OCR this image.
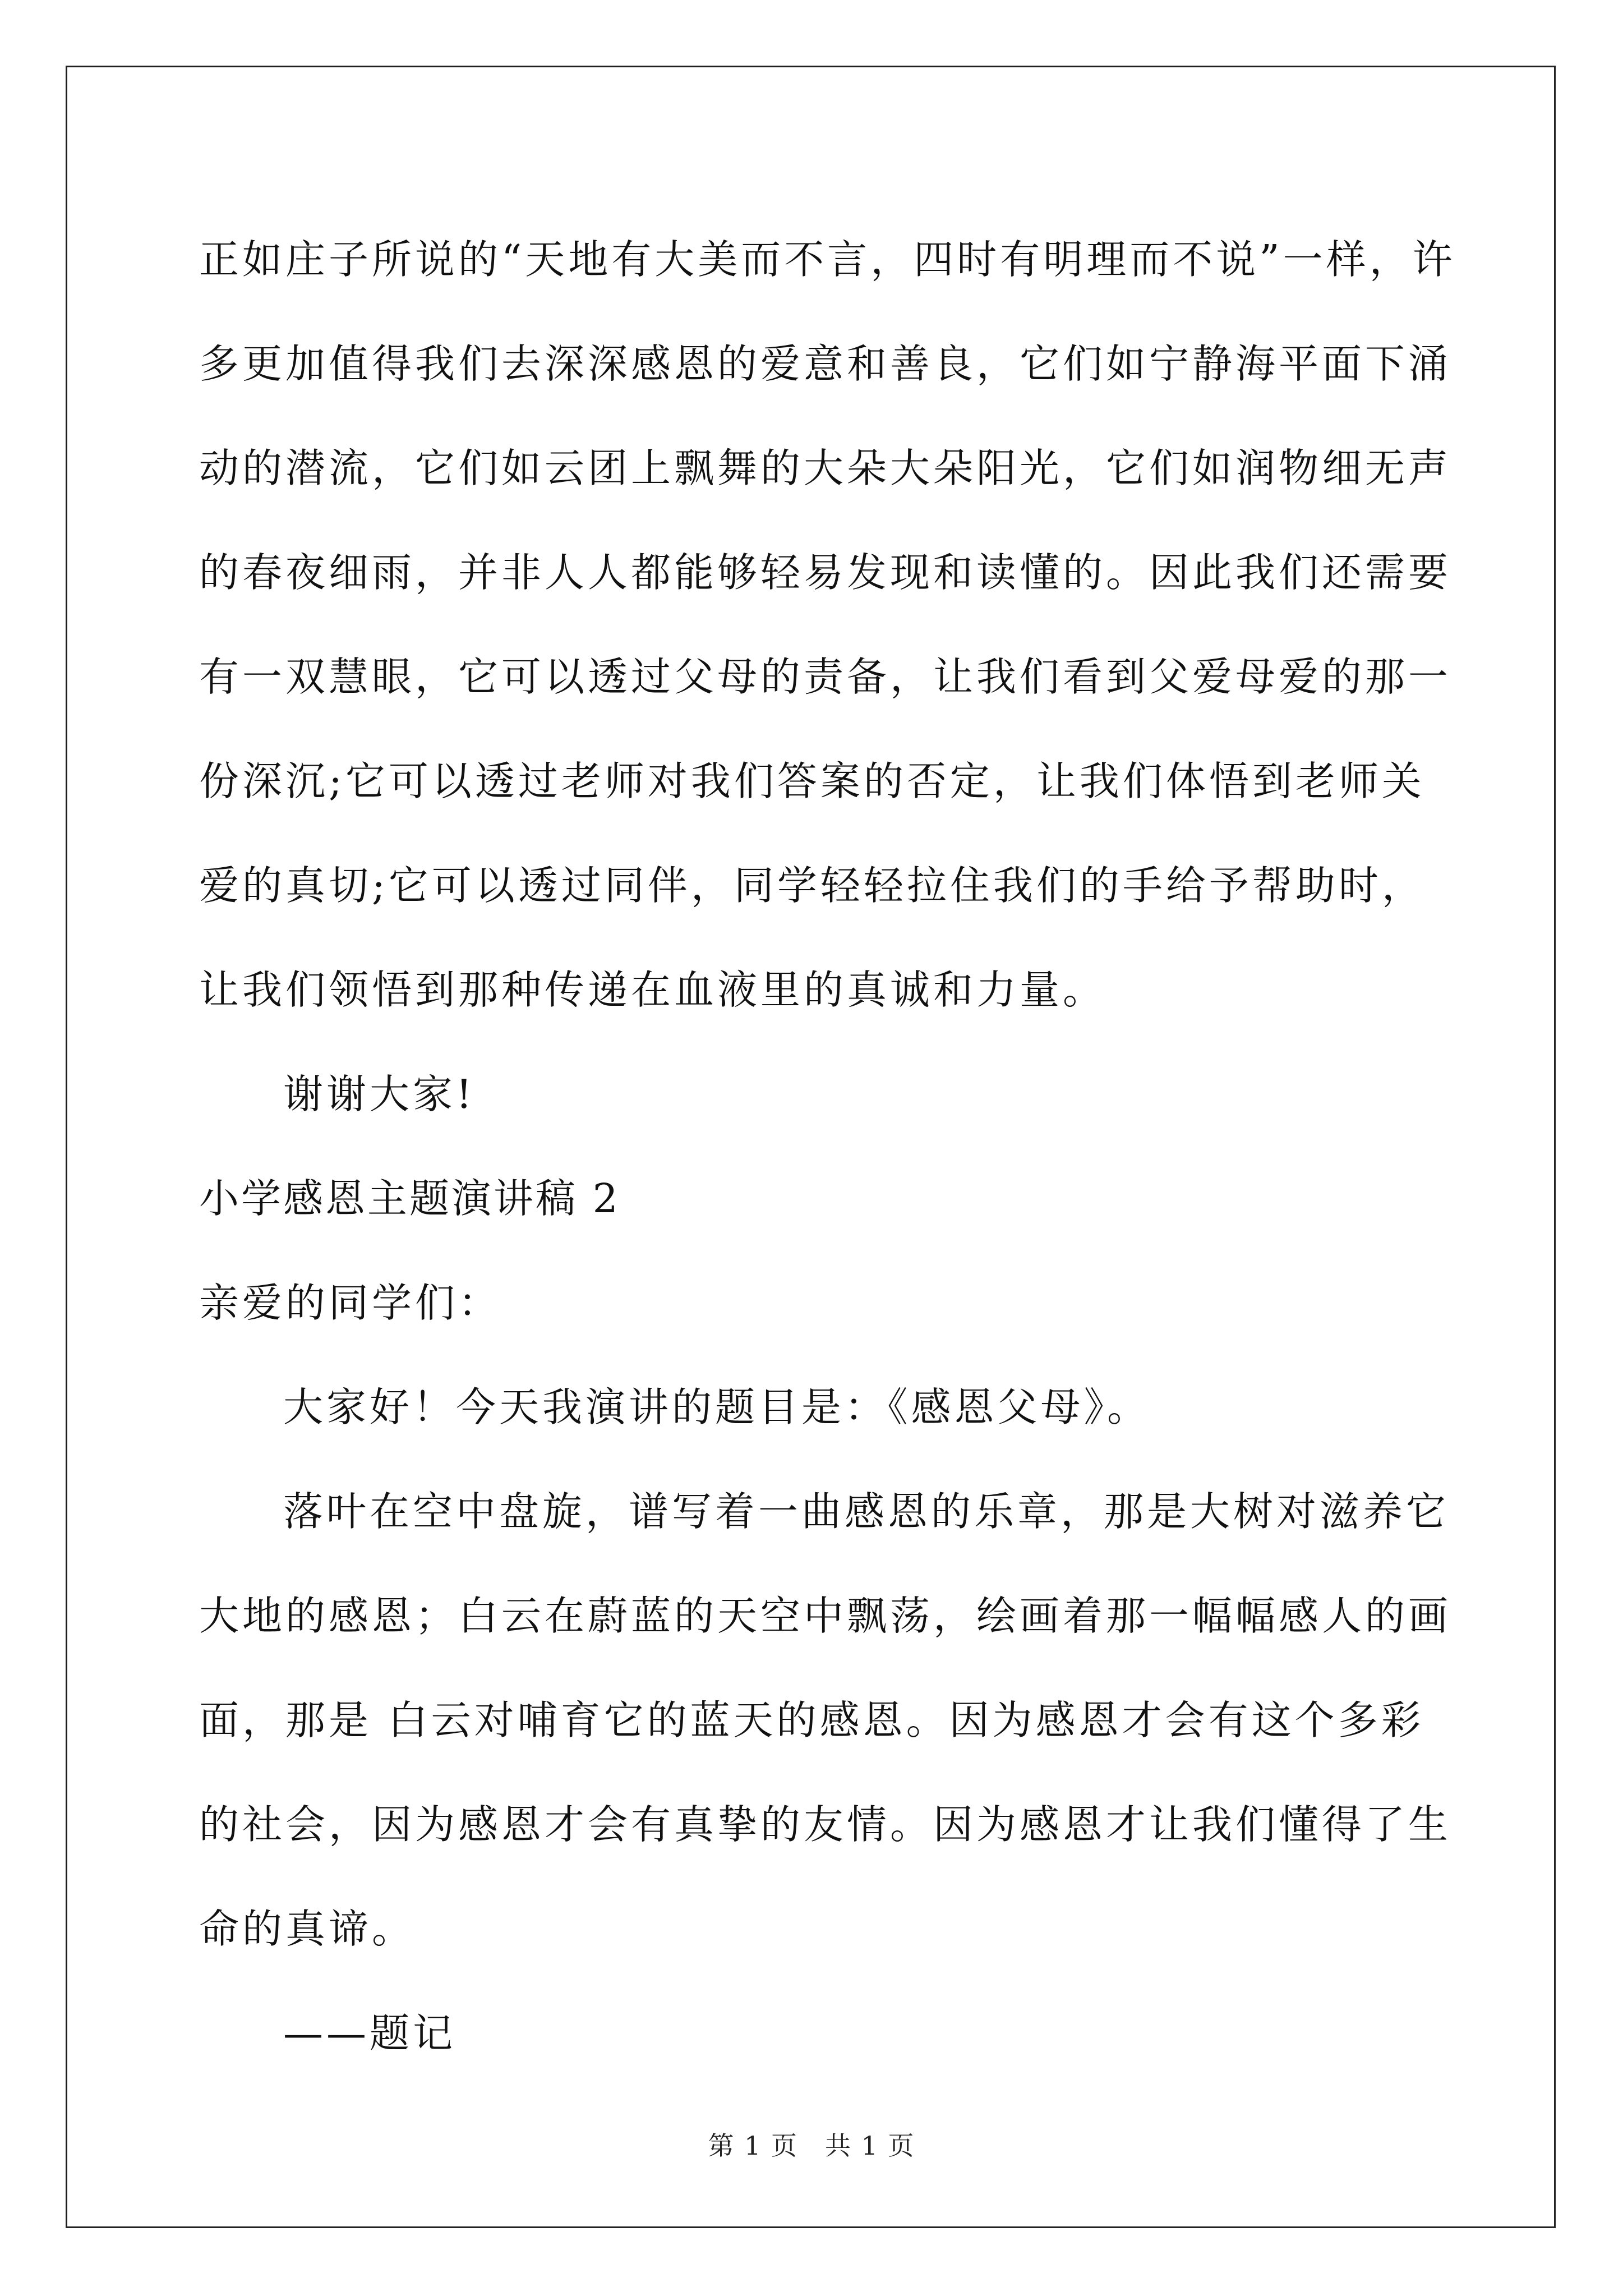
正如庄子所说的“天地有大美而不言，四时有明理而不说”一样，许多更加值得我们去深深感恩的爱意和善良，它们如宁静海平面下涌动的潜流，它们如云团上飘舞的大朵大朵阳光，它们如润物细无声的春夜细雨，并非人人都能够轻易发现和读懂的。因此我们还需要有一双慧眼，它可以透过父母的责备，让我们看到父爱母爱的那一份深沉;它可以透过老师对我们答案的否定，让我们体悟到老师关爱的真切;它可以透过同伴，同学轻轻拉住我们的手给予帮助时，让我们领悟到那种传递在血液里的真诚和力量。

谢谢大家!

小学感恩主题演讲稿 2

亲爱的同学们：

大家好！今天我演讲的题目是：《感恩父母》。

落叶在空中盘旋，谱写着一曲感恩的乐章，那是大树对滋养它大地的感恩；白云在蔚蓝的天空中飘荡，绘画着那一幅幅感人的画面，那是 白云对哺育它的蓝天的感恩。因为感恩才会有这个多彩的社会，因为感恩才会有真挚的友情。因为感恩才让我们懂得了生命的真谛。

——题记

第 1 页　共 1 页
